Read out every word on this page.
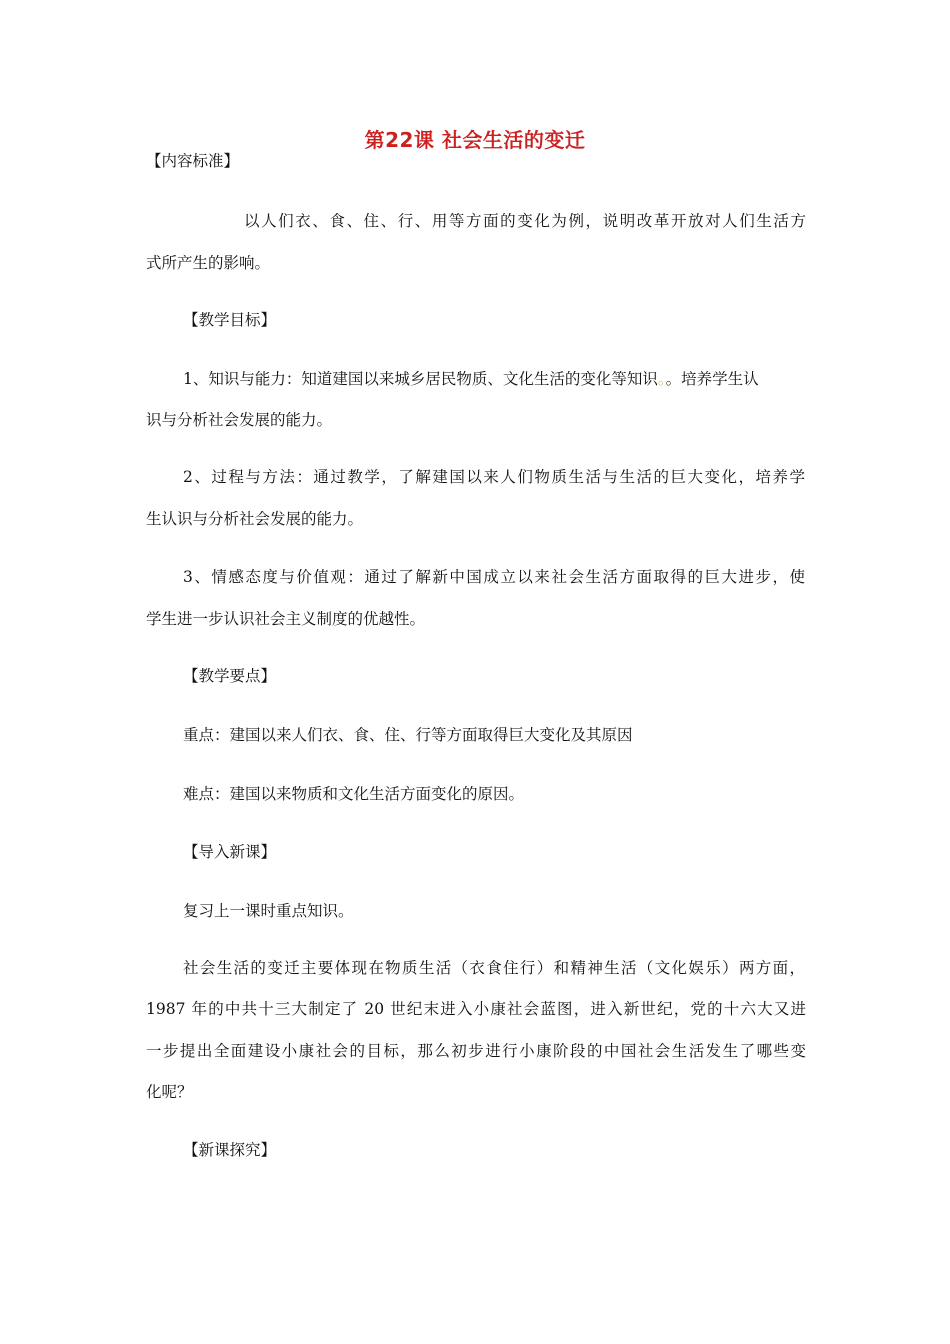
第22课 社会生活的变迁
【内容标准】
以人们衣、食、住、行、用等方面的变化为例，说明改革开放对人们生活方
式所产生的影响。
【教学目标】
1、知识与能力：知道建国以来城乡居民物质、文化生活的变化等知识。。培养学生认
识与分析社会发展的能力。
2、过程与方法：通过教学，了解建国以来人们物质生活与生活的巨大变化，培养学
生认识与分析社会发展的能力。
3、情感态度与价值观：通过了解新中国成立以来社会生活方面取得的巨大进步，使
学生进一步认识社会主义制度的优越性。
【教学要点】
重点：建国以来人们衣、食、住、行等方面取得巨大变化及其原因
难点：建国以来物质和文化生活方面变化的原因。
【导入新课】
复习上一课时重点知识。
社会生活的变迁主要体现在物质生活（衣食住行）和精神生活（文化娱乐）两方面，
1987 年的中共十三大制定了 20 世纪末进入小康社会蓝图，进入新世纪，党的十六大又进
一步提出全面建设小康社会的目标，那么初步进行小康阶段的中国社会生活发生了哪些变
化呢？
【新课探究】
